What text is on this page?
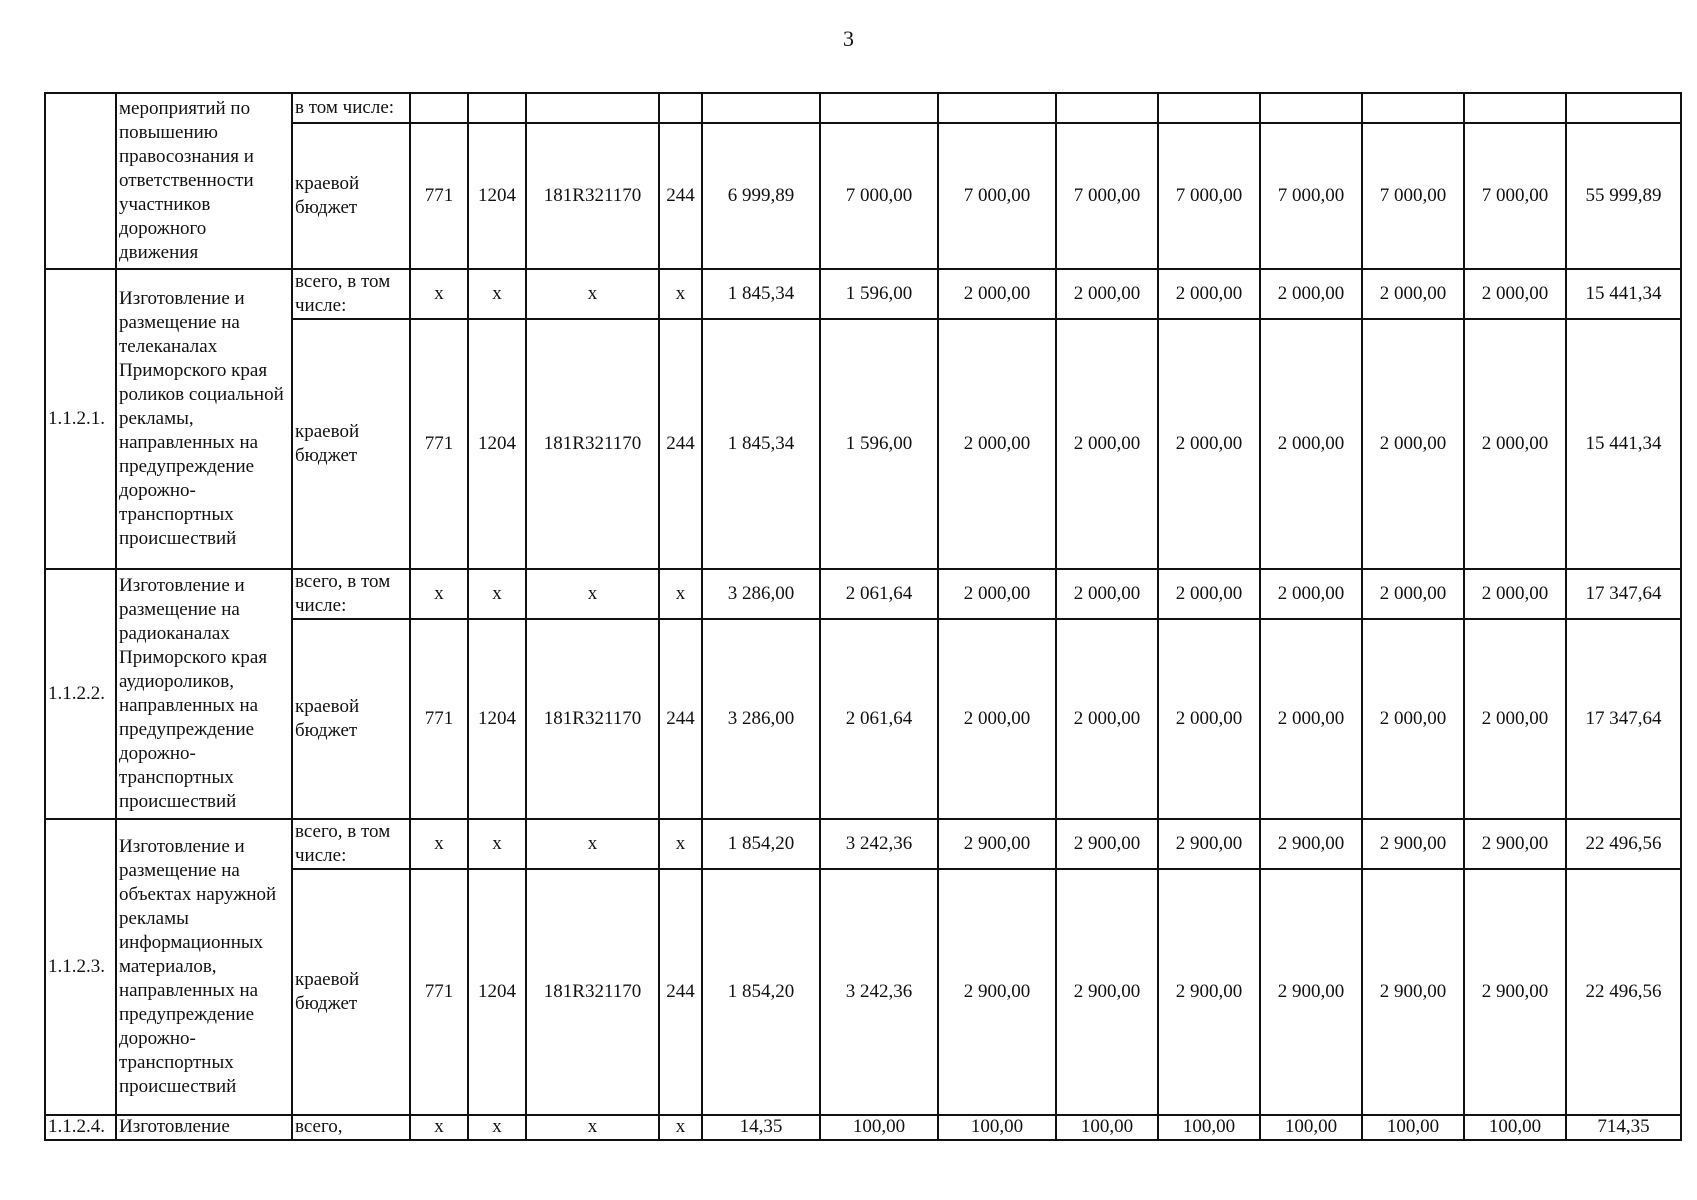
3
	мероприятий по повышению правосознания и ответственности участников дорожного движения	в том числе:													
		краевой бюджет	771	1204	181R321170	244	6 999,89	7 000,00	7 000,00	7 000,00	7 000,00	7 000,00	7 000,00	7 000,00	55 999,89
1.1.2.1.	Изготовление и размещение на телеканалах Приморского края роликов социальной рекламы, направленных на предупреждение дорожно-транспортных происшествий	всего, в том числе:	x	x	x	x	1 845,34	1 596,00	2 000,00	2 000,00	2 000,00	2 000,00	2 000,00	2 000,00	15 441,34
		краевой бюджет	771	1204	181R321170	244	1 845,34	1 596,00	2 000,00	2 000,00	2 000,00	2 000,00	2 000,00	2 000,00	15 441,34
1.1.2.2.	Изготовление и размещение на радиоканалах Приморского края аудиороликов, направленных на предупреждение дорожно-транспортных происшествий	всего, в том числе:	x	x	x	x	3 286,00	2 061,64	2 000,00	2 000,00	2 000,00	2 000,00	2 000,00	2 000,00	17 347,64
		краевой бюджет	771	1204	181R321170	244	3 286,00	2 061,64	2 000,00	2 000,00	2 000,00	2 000,00	2 000,00	2 000,00	17 347,64
1.1.2.3.	Изготовление и размещение на объектах наружной рекламы информационных материалов, направленных на предупреждение дорожно-транспортных происшествий	всего, в том числе:	x	x	x	x	1 854,20	3 242,36	2 900,00	2 900,00	2 900,00	2 900,00	2 900,00	2 900,00	22 496,56
		краевой бюджет	771	1204	181R321170	244	1 854,20	3 242,36	2 900,00	2 900,00	2 900,00	2 900,00	2 900,00	2 900,00	22 496,56
1.1.2.4.	Изготовление	всего,	x	x	x	x	14,35	100,00	100,00	100,00	100,00	100,00	100,00	100,00	714,35
